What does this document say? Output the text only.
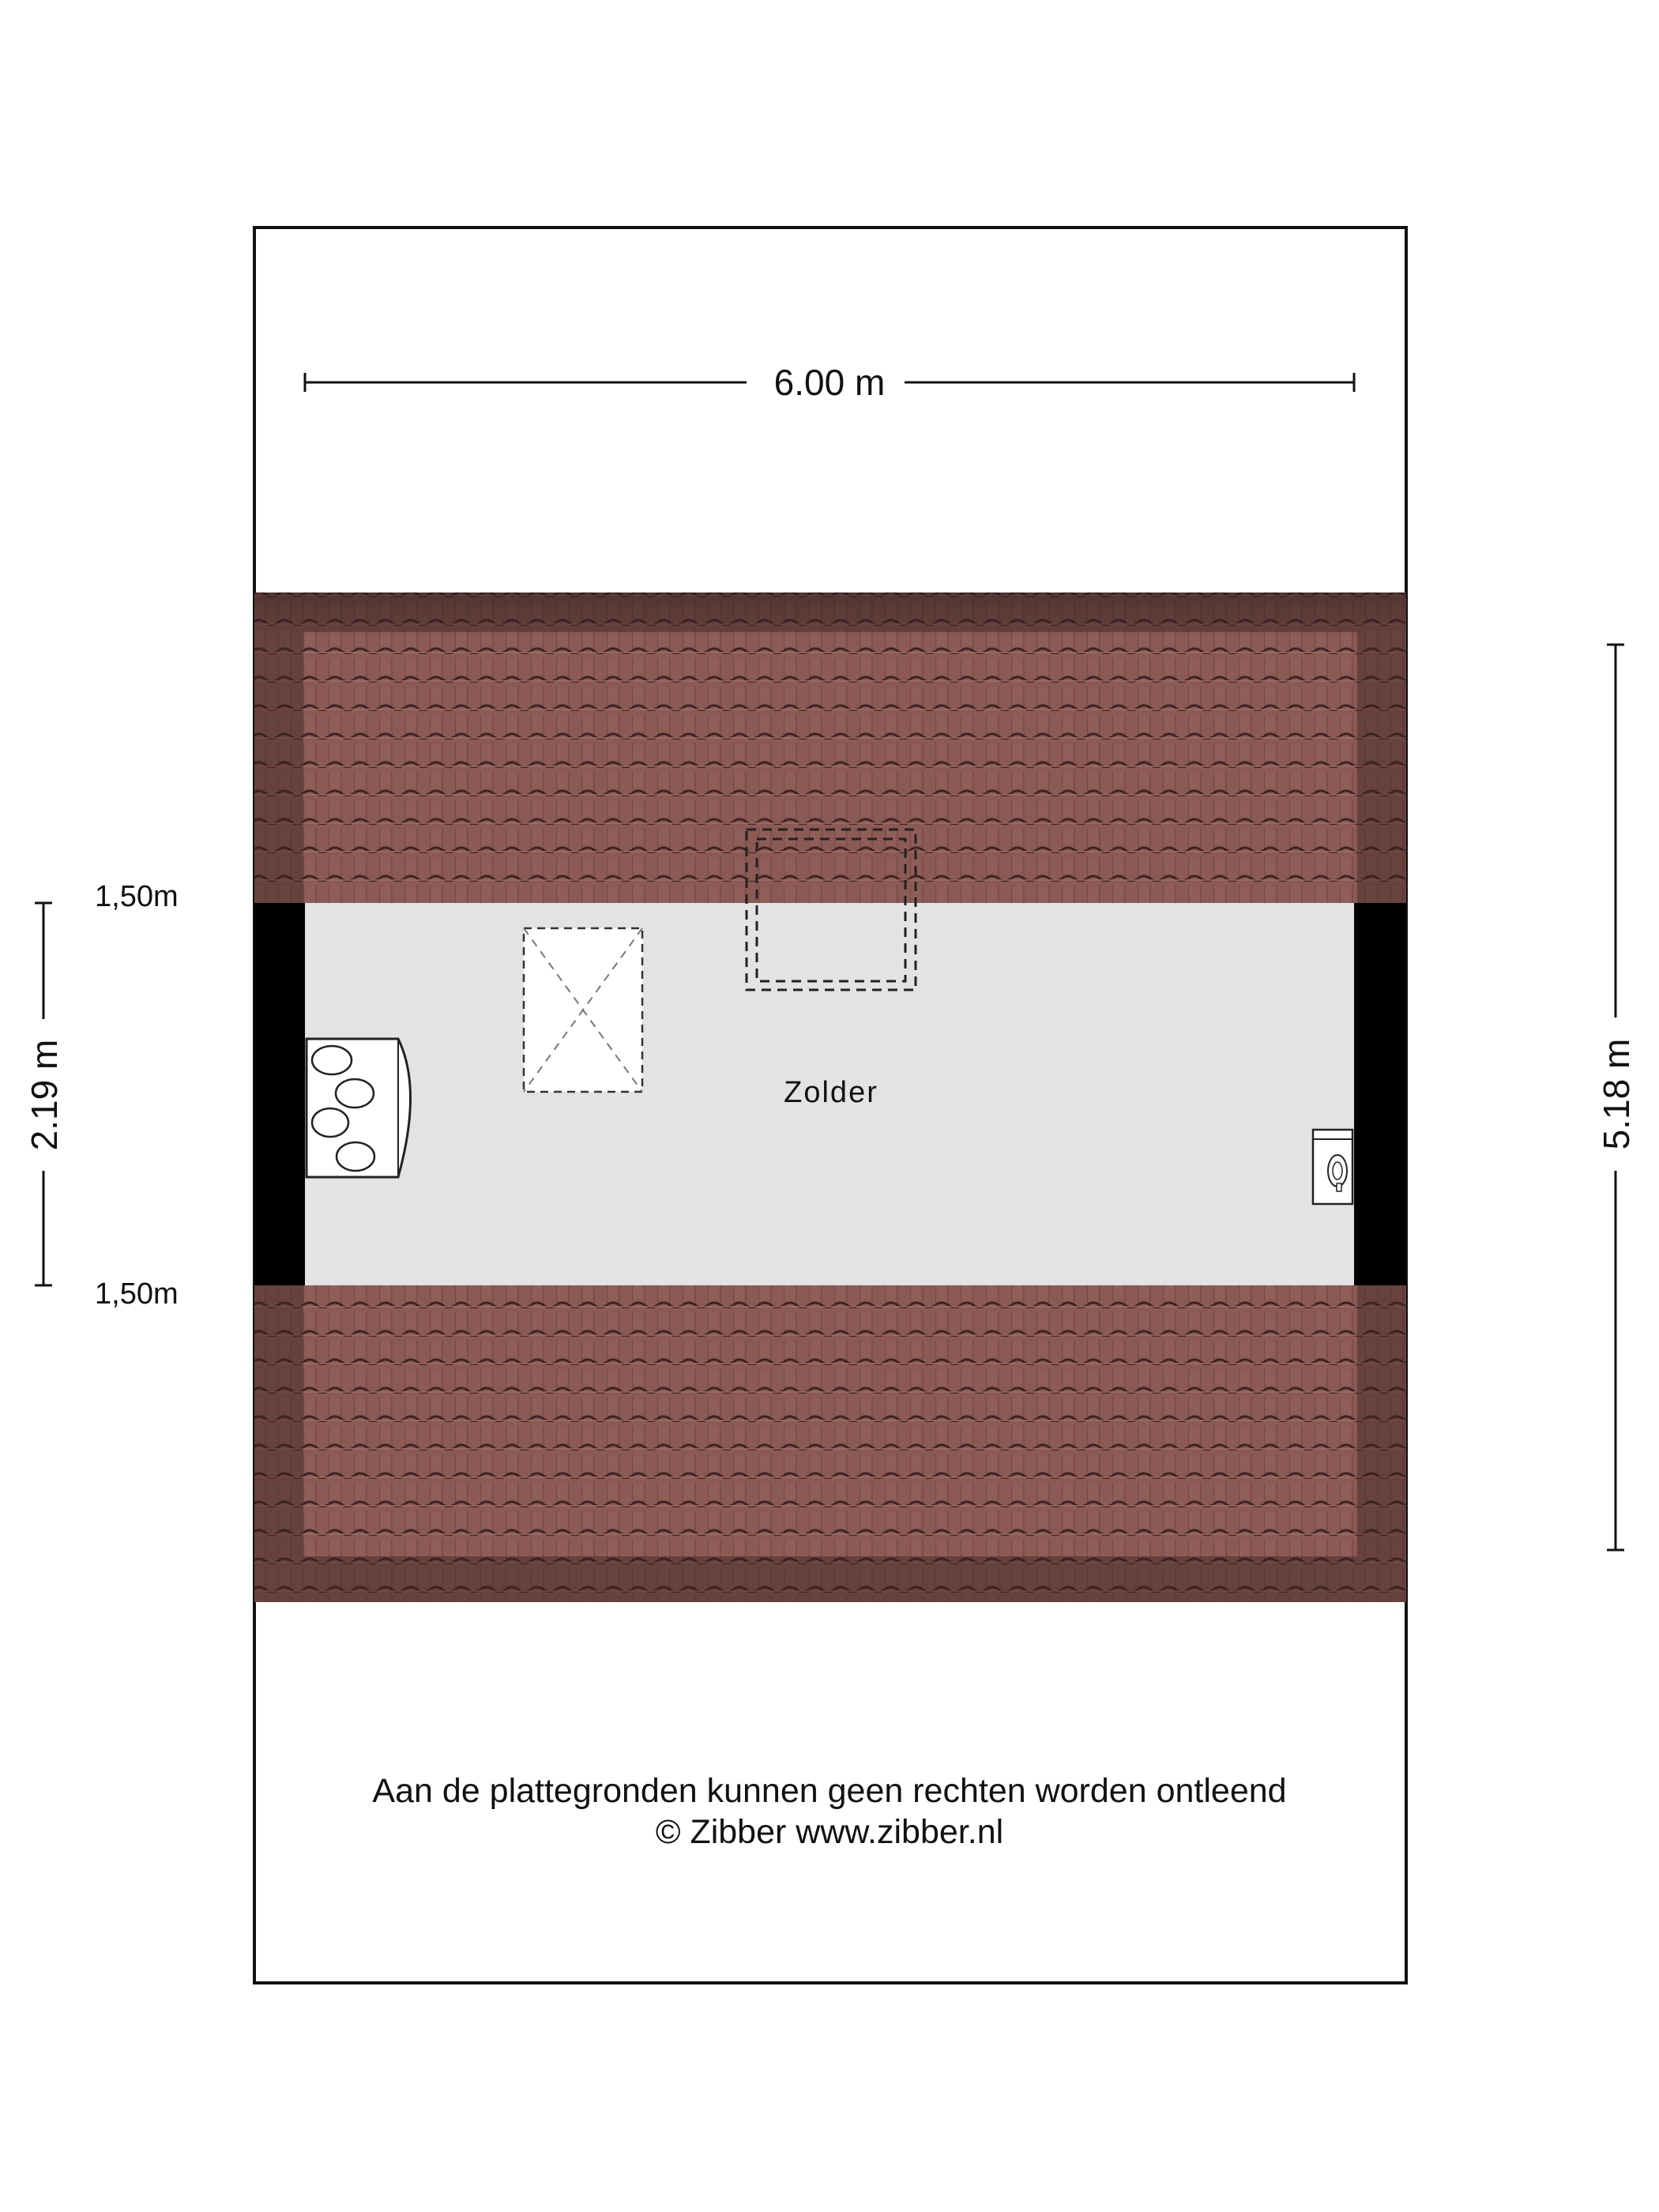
6.00 m
Zolder	5.18 m
2.19 m
1,50m
1,50m
Aan de plattegronden kunnen geen rechten worden ontleend
© Zibber www.zibber.nl
